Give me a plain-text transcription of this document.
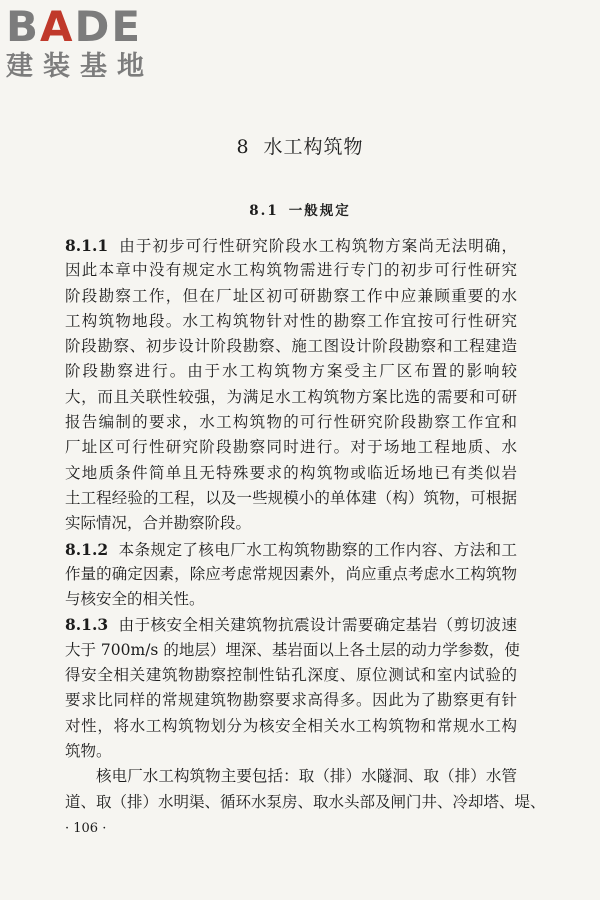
BADE
建装基地
8 水工构筑物
8.1 一般规定
8.1.1 由于初步可行性研究阶段水工构筑物方案尚无法明确，
因此本章中没有规定水工构筑物需进行专门的初步可行性研究
阶段勘察工作，但在厂址区初可研勘察工作中应兼顾重要的水
工构筑物地段。水工构筑物针对性的勘察工作宜按可行性研究
阶段勘察、初步设计阶段勘察、施工图设计阶段勘察和工程建造
阶段勘察进行。由于水工构筑物方案受主厂区布置的影响较
大，而且关联性较强，为满足水工构筑物方案比选的需要和可研
报告编制的要求，水工构筑物的可行性研究阶段勘察工作宜和
厂址区可行性研究阶段勘察同时进行。对于场地工程地质、水
文地质条件简单且无特殊要求的构筑物或临近场地已有类似岩
土工程经验的工程，以及一些规模小的单体建（构）筑物，可根据
实际情况，合并勘察阶段。
8.1.2 本条规定了核电厂水工构筑物勘察的工作内容、方法和工
作量的确定因素，除应考虑常规因素外，尚应重点考虑水工构筑物
与核安全的相关性。
8.1.3 由于核安全相关建筑物抗震设计需要确定基岩（剪切波速
大于 700m/s 的地层）埋深、基岩面以上各土层的动力学参数，使
得安全相关建筑物勘察控制性钻孔深度、原位测试和室内试验的
要求比同样的常规建筑物勘察要求高得多。因此为了勘察更有针
对性，将水工构筑物划分为核安全相关水工构筑物和常规水工构
筑物。
核电厂水工构筑物主要包括：取（排）水隧洞、取（排）水管
道、取（排）水明渠、循环水泵房、取水头部及闸门井、冷却塔、堤、
· 106 ·
